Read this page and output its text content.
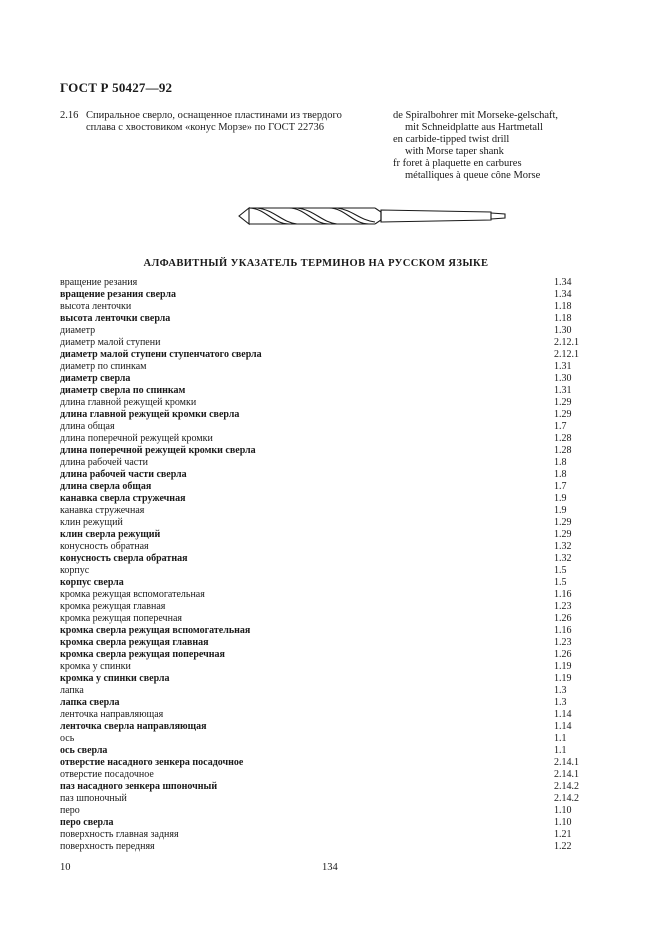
ГОСТ Р 50427—92
2.16 Спиральное сверло, оснащенное пластинами из твердого
сплава с хвостовиком «конус Морзе» по ГОСТ 22736
de Spiralbohrer mit Morseke-gelschaft,
mit Schneidplatte aus Hartmetall
en carbide-tipped twist drill
with Morse taper shank
fr foret à plaquette en carbures
métalliques à queue cône Morse
АЛФАВИТНЫЙ УКАЗАТЕЛЬ ТЕРМИНОВ НА РУССКОМ ЯЗЫКЕ
вращение резания	1.34
вращение резания сверла	1.34
высота ленточки	1.18
высота ленточки сверла	1.18
диаметр	1.30
диаметр малой ступени	2.12.1
диаметр малой ступени ступенчатого сверла	2.12.1
диаметр по спинкам	1.31
диаметр сверла	1.30
диаметр сверла по спинкам	1.31
длина главной режущей кромки	1.29
длина главной режущей кромки сверла	1.29
длина общая	1.7
длина поперечной режущей кромки	1.28
длина поперечной режущей кромки сверла	1.28
длина рабочей части	1.8
длина рабочей части сверла	1.8
длина сверла общая	1.7
канавка сверла стружечная	1.9
канавка стружечная	1.9
клин режущий	1.29
клин сверла режущий	1.29
конусность обратная	1.32
конусность сверла обратная	1.32
корпус	1.5
корпус сверла	1.5
кромка режущая вспомогательная	1.16
кромка режущая главная	1.23
кромка режущая поперечная	1.26
кромка сверла режущая вспомогательная	1.16
кромка сверла режущая главная	1.23
кромка сверла режущая поперечная	1.26
кромка у спинки	1.19
кромка у спинки сверла	1.19
лапка	1.3
лапка сверла	1.3
ленточка направляющая	1.14
ленточка сверла направляющая	1.14
ось	1.1
ось сверла	1.1
отверстие насадного зенкера посадочное	2.14.1
отверстие посадочное	2.14.1
паз насадного зенкера шпоночный	2.14.2
паз шпоночный	2.14.2
перо	1.10
перо сверла	1.10
поверхность главная задняя	1.21
поверхность передняя	1.22
10	134
